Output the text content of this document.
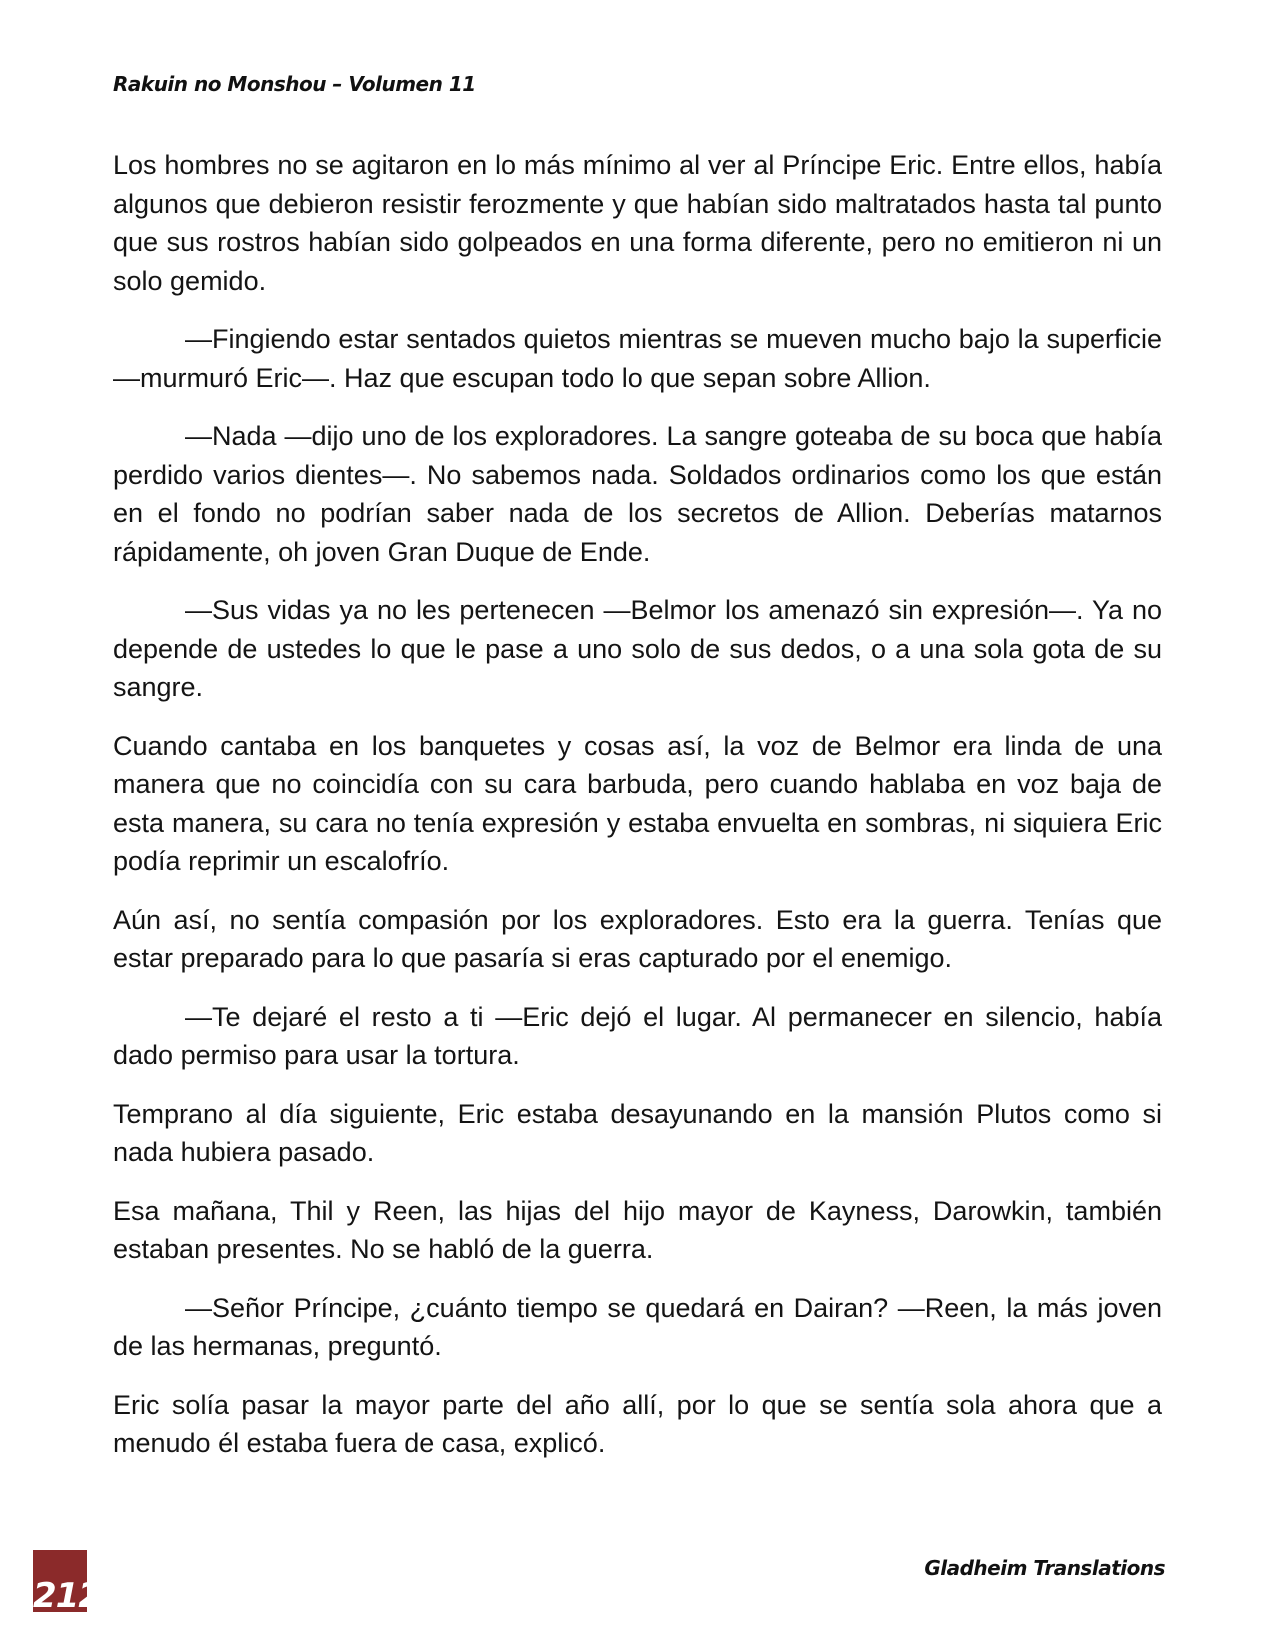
Rakuin no Monshou – Volumen 11

Los hombres no se agitaron en lo más mínimo al ver al Príncipe Eric. Entre ellos, había algunos que debieron resistir ferozmente y que habían sido maltratados hasta tal punto que sus rostros habían sido golpeados en una forma diferente, pero no emitieron ni un solo gemido.

—Fingiendo estar sentados quietos mientras se mueven mucho bajo la superficie —murmuró Eric—. Haz que escupan todo lo que sepan sobre Allion.

—Nada —dijo uno de los exploradores. La sangre goteaba de su boca que había perdido varios dientes—. No sabemos nada. Soldados ordinarios como los que están en el fondo no podrían saber nada de los secretos de Allion. Deberías matarnos rápidamente, oh joven Gran Duque de Ende.

—Sus vidas ya no les pertenecen —Belmor los amenazó sin expresión—. Ya no depende de ustedes lo que le pase a uno solo de sus dedos, o a una sola gota de su sangre.

Cuando cantaba en los banquetes y cosas así, la voz de Belmor era linda de una manera que no coincidía con su cara barbuda, pero cuando hablaba en voz baja de esta manera, su cara no tenía expresión y estaba envuelta en sombras, ni siquiera Eric podía reprimir un escalofrío.

Aún así, no sentía compasión por los exploradores. Esto era la guerra. Tenías que estar preparado para lo que pasaría si eras capturado por el enemigo.

—Te dejaré el resto a ti —Eric dejó el lugar. Al permanecer en silencio, había dado permiso para usar la tortura.

Temprano al día siguiente, Eric estaba desayunando en la mansión Plutos como si nada hubiera pasado.

Esa mañana, Thil y Reen, las hijas del hijo mayor de Kayness, Darowkin, también estaban presentes. No se habló de la guerra.

—Señor Príncipe, ¿cuánto tiempo se quedará en Dairan? —Reen, la más joven de las hermanas, preguntó.

Eric solía pasar la mayor parte del año allí, por lo que se sentía sola ahora que a menudo él estaba fuera de casa, explicó.

212
Gladheim Translations
